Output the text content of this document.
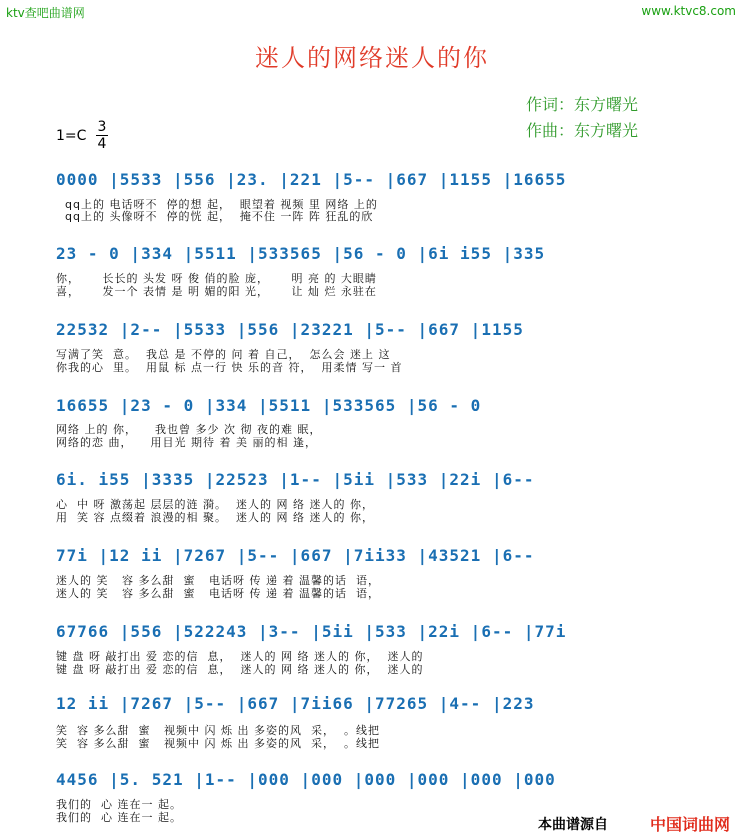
ktv查吧曲谱网	www.ktvc8.com
迷人的网络迷人的你
作词：东方曙光
作曲：东方曙光
1=C
3
4
0000 |5533 |556 |23. |221 |5-- |667 |1155 |16655
qq上的 电话呀不  停的想 起，  眼望着 视频 里 网络 上的
qq上的 头像呀不  停的恍 起，  掩不住 一阵 阵 狂乱的欣
23 - 0 |334 |5511 |533565 |56 - 0 |6i i55 |335
你，     长长的 头发 呀 俊 俏的脸 庞，     明 亮 的 大眼睛
喜，     发一个 表情 是 明 媚的阳 光，     让 灿 烂 永驻在
22532 |2-- |5533 |556 |23221 |5-- |667 |1155
写满了笑  意。  我总 是 不停的 问 着 自己，  怎么会 迷上 这
你我的心  里。  用鼠 标 点一行 快 乐的音 符，  用柔情 写一 首
16655 |23 - 0 |334 |5511 |533565 |56 - 0
网络 上的 你，    我也曾 多少 次 彻 夜的难 眠，
网络的恋 曲，    用目光 期待 着 美 丽的相 逢，
6i. i55 |3335 |22523 |1-- |5ii |533 |22i |6--
心  中 呀 激荡起 层层的涟 漪。  迷人的 网 络 迷人的 你，
用  笑 容 点缀着 浪漫的相 聚。  迷人的 网 络 迷人的 你，
77i |12 ii |7267 |5-- |667 |7ii33 |43521 |6--
迷人的 笑   容 多么甜  蜜   电话呀 传 递 着 温馨的话  语，
迷人的 笑   容 多么甜  蜜   电话呀 传 递 着 温馨的话  语，
67766 |556 |522243 |3-- |5ii |533 |22i |6-- |77i
键 盘 呀 敲打出 爱 恋的信  息，  迷人的 网 络 迷人的 你，  迷人的
键 盘 呀 敲打出 爱 恋的信  息，  迷人的 网 络 迷人的 你，  迷人的
12 ii |7267 |5-- |667 |7ii66 |77265 |4-- |223
笑  容 多么甜  蜜   视频中 闪 烁 出 多姿的风  采，  。线把
笑  容 多么甜  蜜   视频中 闪 烁 出 多姿的风  采，  。线把
4456 |5. 521 |1-- |000 |000 |000 |000 |000 |000
我们的  心 连在一 起。
我们的  心 连在一 起。	本曲谱源自	中国词曲网
